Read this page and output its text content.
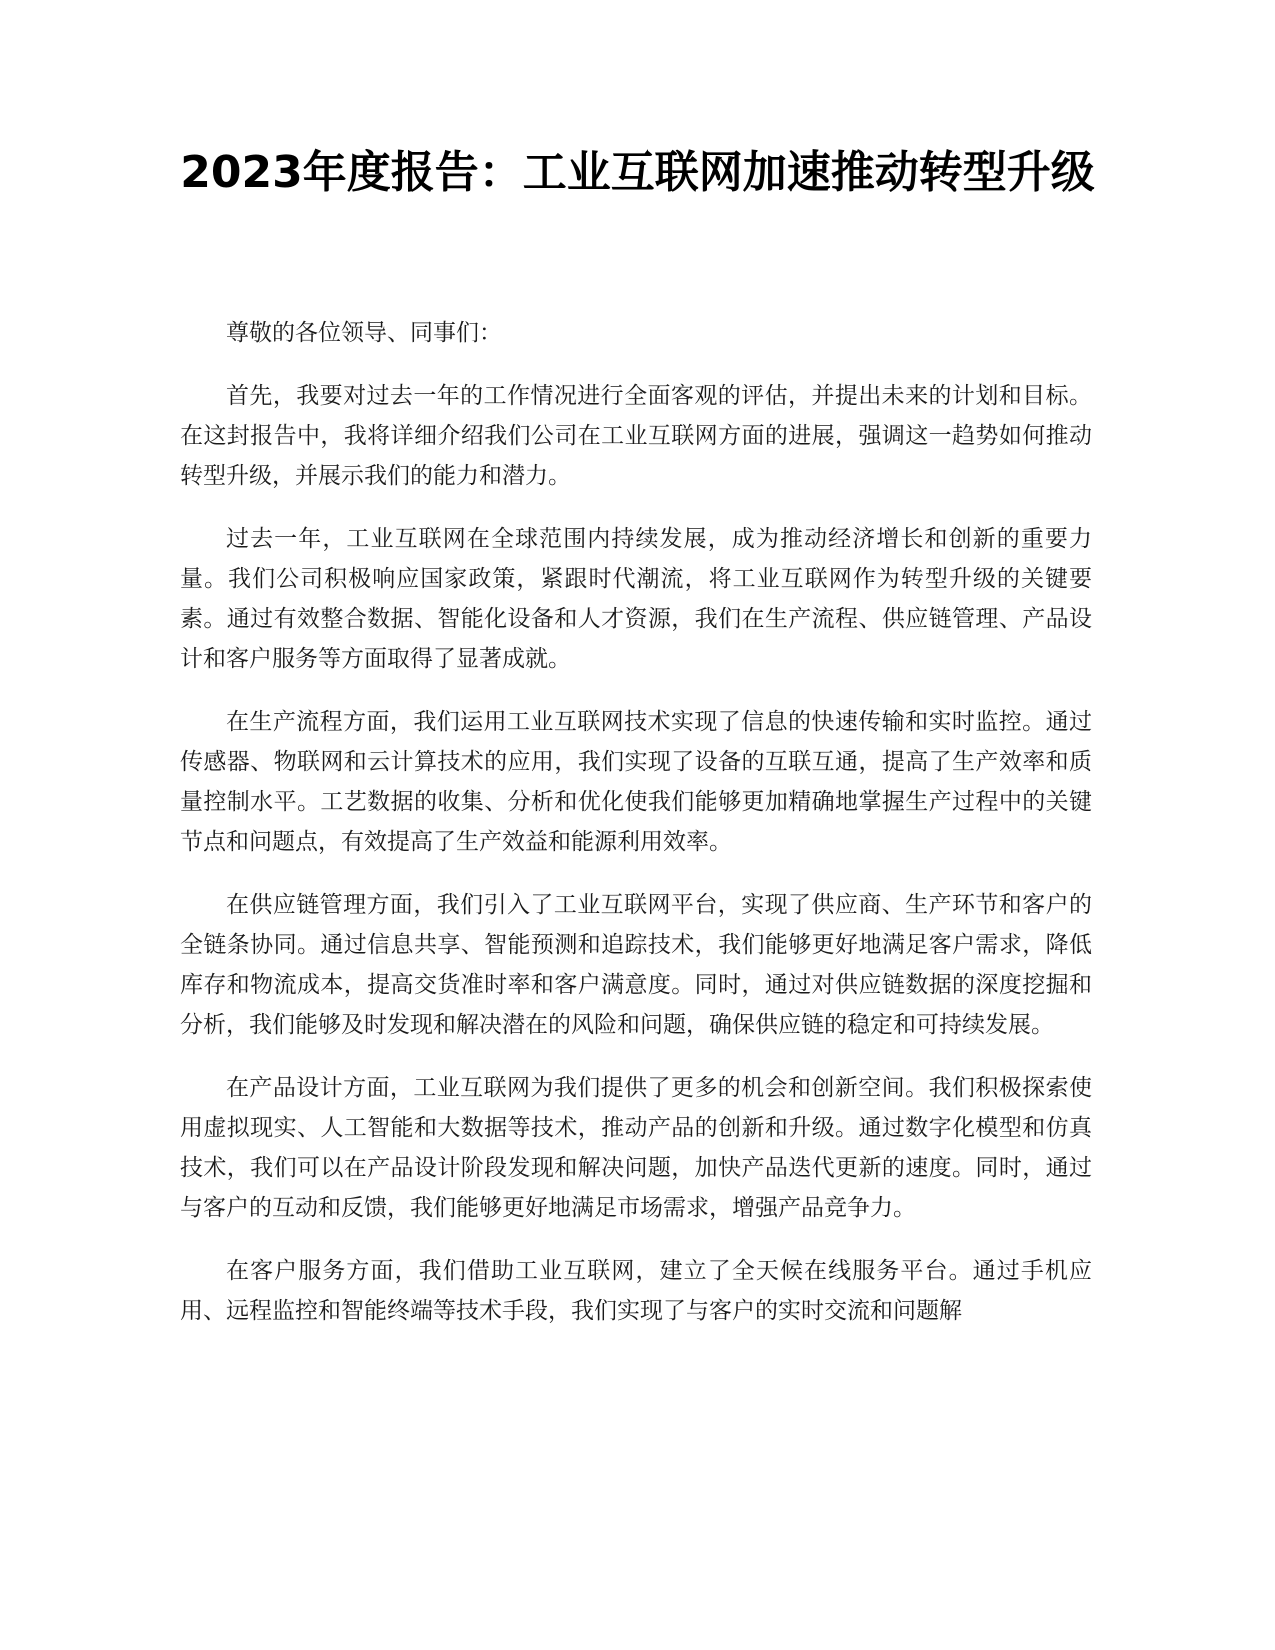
2023年度报告：工业互联网加速推动转型升级

尊敬的各位领导、同事们：

首先，我要对过去一年的工作情况进行全面客观的评估，并提出未来的计划和目标。在这封报告中，我将详细介绍我们公司在工业互联网方面的进展，强调这一趋势如何推动转型升级，并展示我们的能力和潜力。

过去一年，工业互联网在全球范围内持续发展，成为推动经济增长和创新的重要力量。我们公司积极响应国家政策，紧跟时代潮流，将工业互联网作为转型升级的关键要素。通过有效整合数据、智能化设备和人才资源，我们在生产流程、供应链管理、产品设计和客户服务等方面取得了显著成就。

在生产流程方面，我们运用工业互联网技术实现了信息的快速传输和实时监控。通过传感器、物联网和云计算技术的应用，我们实现了设备的互联互通，提高了生产效率和质量控制水平。工艺数据的收集、分析和优化使我们能够更加精确地掌握生产过程中的关键节点和问题点，有效提高了生产效益和能源利用效率。

在供应链管理方面，我们引入了工业互联网平台，实现了供应商、生产环节和客户的全链条协同。通过信息共享、智能预测和追踪技术，我们能够更好地满足客户需求，降低库存和物流成本，提高交货准时率和客户满意度。同时，通过对供应链数据的深度挖掘和分析，我们能够及时发现和解决潜在的风险和问题，确保供应链的稳定和可持续发展。

在产品设计方面，工业互联网为我们提供了更多的机会和创新空间。我们积极探索使用虚拟现实、人工智能和大数据等技术，推动产品的创新和升级。通过数字化模型和仿真技术，我们可以在产品设计阶段发现和解决问题，加快产品迭代更新的速度。同时，通过与客户的互动和反馈，我们能够更好地满足市场需求，增强产品竞争力。

在客户服务方面，我们借助工业互联网，建立了全天候在线服务平台。通过手机应用、远程监控和智能终端等技术手段，我们实现了与客户的实时交流和问题解
